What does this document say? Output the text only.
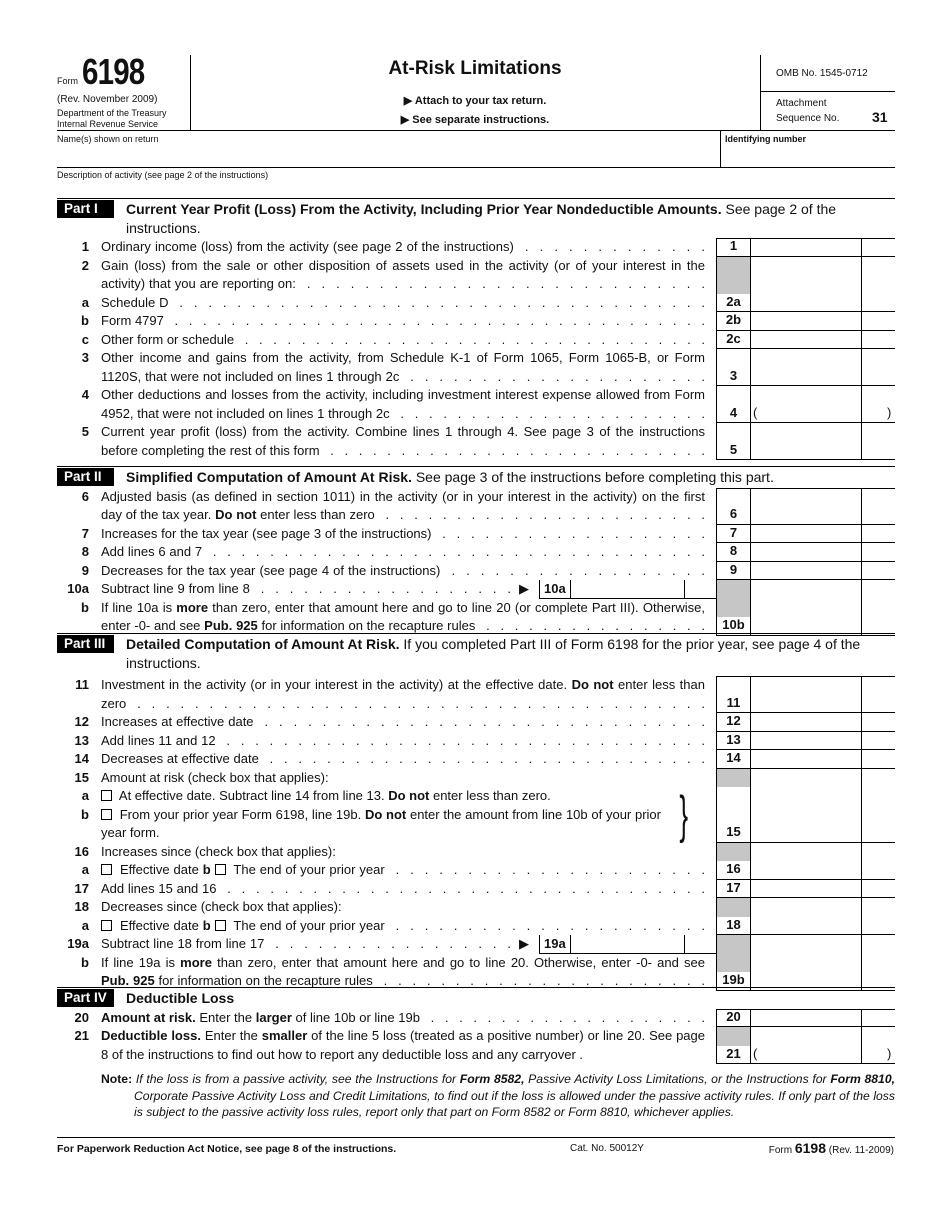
Form 6198
(Rev. November 2009)
Department of the Treasury
Internal Revenue Service
At-Risk Limitations
▶ Attach to your tax return.
▶ See separate instructions.
OMB No. 1545-0712
Attachment
Sequence No. 31
Name(s) shown on return	Identifying number
Description of activity (see page 2 of the instructions)
Part I	Current Year Profit (Loss) From the Activity, Including Prior Year Nondeductible Amounts. See page 2 of the instructions.
1 Ordinary income (loss) from the activity (see page 2 of the instructions) . . . . . . . . . . . . .	1
2 Gain (loss) from the sale or other disposition of assets used in the activity (or of your interest in the activity) that you are reporting on: . . . . . . . . . . . . . . . . . . . . . . . . . . . .
a Schedule D . . . . . . . . . . . . . . . . . . . . . . . . . . . . . . . . . . . . .	2a
b Form 4797 . . . . . . . . . . . . . . . . . . . . . . . . . . . . . . . . . . . . . .	2b
c Other form or schedule . . . . . . . . . . . . . . . . . . . . . . . . . . . . . . . . .	2c
3 Other income and gains from the activity, from Schedule K-1 of Form 1065, Form 1065-B, or Form 1120S, that were not included on lines 1 through 2c . . . . . . . . . . . . . . . . . . . . .	3
4 Other deductions and losses from the activity, including investment interest expense allowed from Form 4952, that were not included on lines 1 through 2c . . . . . . . . . . . . . . . . . . . . . .	4	(	)
5 Current year profit (loss) from the activity. Combine lines 1 through 4. See page 3 of the instructions before completing the rest of this form . . . . . . . . . . . . . . . . . . . . . . . . . . .	5
Part II	Simplified Computation of Amount At Risk. See page 3 of the instructions before completing this part.
6 Adjusted basis (as defined in section 1011) in the activity (or in your interest in the activity) on the first day of the tax year. Do not enter less than zero . . . . . . . . . . . . . . . . . . . . . . .	6
7 Increases for the tax year (see page 3 of the instructions) . . . . . . . . . . . . . . . . . . .	7
8 Add lines 6 and 7 . . . . . . . . . . . . . . . . . . . . . . . . . . . . . . . . . . .	8
9 Decreases for the tax year (see page 4 of the instructions) . . . . . . . . . . . . . . . . . .	9
10a Subtract line 9 from line 8 . . . . . . . . . . . . . . . . . . ▶	10a
b If line 10a is more than zero, enter that amount here and go to line 20 (or complete Part III). Otherwise, enter -0- and see Pub. 925 for information on the recapture rules . . . . . . . . . . . . . . . .	10b
Part III	Detailed Computation of Amount At Risk. If you completed Part III of Form 6198 for the prior year, see page 4 of the instructions.
11 Investment in the activity (or in your interest in the activity) at the effective date. Do not enter less than zero . . . . . . . . . . . . . . . . . . . . . . . . . . . . . . . . . . . . . . . .	11
12 Increases at effective date . . . . . . . . . . . . . . . . . . . . . . . . . . . . . . .	12
13 Add lines 11 and 12 . . . . . . . . . . . . . . . . . . . . . . . . . . . . . . . . . .	13
14 Decreases at effective date . . . . . . . . . . . . . . . . . . . . . . . . . . . . . . .	14
15 Amount at risk (check box that applies):
a	At effective date. Subtract line 14 from line 13. Do not enter less than zero.	}
b	From your prior year Form 6198, line 19b. Do not enter the amount from line 10b of your prior year form.	15
16 Increases since (check box that applies):
a	Effective date b  The end of your prior year . . . . . . . . . . . . . . . . . . . . . .	16
17 Add lines 15 and 16 . . . . . . . . . . . . . . . . . . . . . . . . . . . . . . . . . .	17
18 Decreases since (check box that applies):
a	Effective date b  The end of your prior year . . . . . . . . . . . . . . . . . . . . . .	18
19a Subtract line 18 from line 17 . . . . . . . . . . . . . . . . . ▶	19a
b If line 19a is more than zero, enter that amount here and go to line 20. Otherwise, enter -0- and see Pub. 925 for information on the recapture rules . . . . . . . . . . . . . . . . . . . . . . .	19b
Part IV	Deductible Loss
20 Amount at risk. Enter the larger of line 10b or line 19b . . . . . . . . . . . . . . . . . . . .	20
21 Deductible loss. Enter the smaller of the line 5 loss (treated as a positive number) or line 20. See page 8 of the instructions to find out how to report any deductible loss and any carryover .	21 (	)
Note: If the loss is from a passive activity, see the Instructions for Form 8582, Passive Activity Loss Limitations, or the Instructions for Form 8810, Corporate Passive Activity Loss and Credit Limitations, to find out if the loss is allowed under the passive activity rules. If only part of the loss is subject to the passive activity loss rules, report only that part on Form 8582 or Form 8810, whichever applies.
For Paperwork Reduction Act Notice, see page 8 of the instructions.	Cat. No. 50012Y	Form 6198 (Rev. 11-2009)
